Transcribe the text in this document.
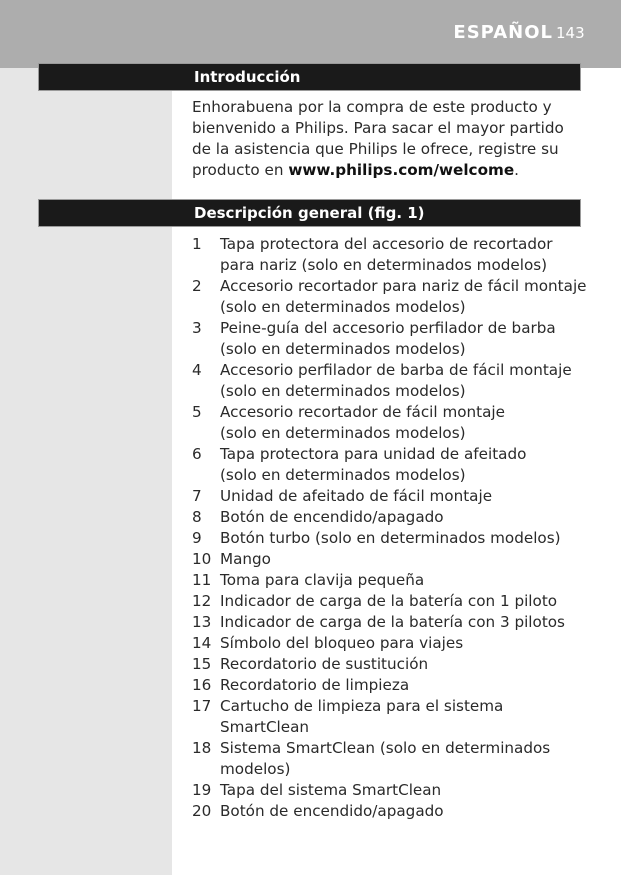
ESPAÑOL 143
Introducción
Enhorabuena por la compra de este producto y bienvenido a Philips. Para sacar el mayor partido de la asistencia que Philips le ofrece, registre su producto en www.philips.com/welcome.
Descripción general (fig. 1)
1	Tapa protectora del accesorio de recortador
para nariz (solo en determinados modelos)
2	Accesorio recortador para nariz de fácil montaje
(solo en determinados modelos)
3	Peine-guía del accesorio perfilador de barba
(solo en determinados modelos)
4	Accesorio perfilador de barba de fácil montaje
(solo en determinados modelos)
5	Accesorio recortador de fácil montaje
(solo en determinados modelos)
6	Tapa protectora para unidad de afeitado
(solo en determinados modelos)
7	Unidad de afeitado de fácil montaje
8	Botón de encendido/apagado
9	Botón turbo (solo en determinados modelos)
10 Mango
11 Toma para clavija pequeña
12 Indicador de carga de la batería con 1 piloto
13 Indicador de carga de la batería con 3 pilotos
14 Símbolo del bloqueo para viajes
15 Recordatorio de sustitución
16 Recordatorio de limpieza
17 Cartucho de limpieza para el sistema
SmartClean
18 Sistema SmartClean (solo en determinados
modelos)
19 Tapa del sistema SmartClean
20 Botón de encendido/apagado
